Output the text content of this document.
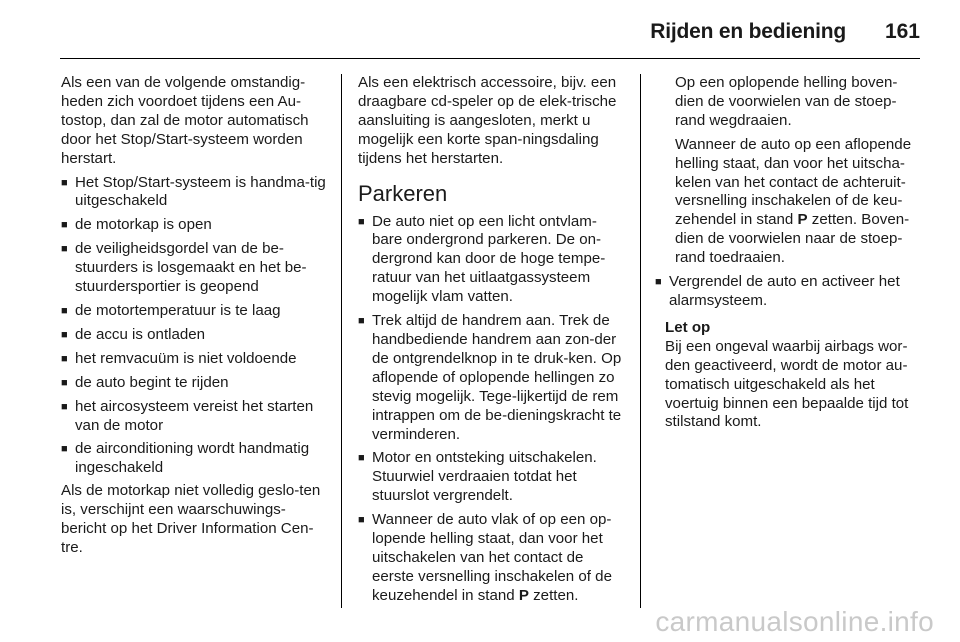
Rijden en bediening 161

Als een van de volgende omstandig-heden zich voordoet tijdens een Au-tostop, dan zal de motor automatisch door het Stop/Start-systeem worden herstart.

■ Het Stop/Start-systeem is handma-tig uitgeschakeld
■ de motorkap is open
■ de veiligheidsgordel van de be-stuurders is losgemaakt en het be-stuurdersportier is geopend
■ de motortemperatuur is te laag
■ de accu is ontladen
■ het remvacuüm is niet voldoende
■ de auto begint te rijden
■ het aircosysteem vereist het starten van de motor
■ de airconditioning wordt handmatig ingeschakeld

Als de motorkap niet volledig geslo-ten is, verschijnt een waarschuwings-bericht op het Driver Information Cen-tre.

Als een elektrisch accessoire, bijv. een draagbare cd-speler op de elek-trische aansluiting is aangesloten, merkt u mogelijk een korte span-ningsdaling tijdens het herstarten.

Parkeren
■ De auto niet op een licht ontvlam-bare ondergrond parkeren. De on-dergrond kan door de hoge tempe-ratuur van het uitlaatgassysteem mogelijk vlam vatten.
■ Trek altijd de handrem aan. Trek de handbediende handrem aan zon-der de ontgrendelknop in te druk-ken. Op aflopende of oplopende hellingen zo stevig mogelijk. Tege-lijkertijd de rem intrappen om de be-dieningskracht te verminderen.
■ Motor en ontsteking uitschakelen. Stuurwiel verdraaien totdat het stuurslot vergrendelt.
■ Wanneer de auto vlak of op een op-lopende helling staat, dan voor het uitschakelen van het contact de eerste versnelling inschakelen of de keuzehendel in stand P zetten.

Op een oplopende helling boven-dien de voorwielen van de stoep-rand wegdraaien.

Wanneer de auto op een aflopende helling staat, dan voor het uitscha-kelen van het contact de achteruit-versnelling inschakelen of de keu-zehendel in stand P zetten. Boven-dien de voorwielen naar de stoep-rand toedraaien.

■ Vergrendel de auto en activeer het alarmsysteem.

Let op

Bij een ongeval waarbij airbags wor-den geactiveerd, wordt de motor au-tomatisch uitgeschakeld als het voertuig binnen een bepaalde tijd tot stilstand komt.

carmanualsonline.info
